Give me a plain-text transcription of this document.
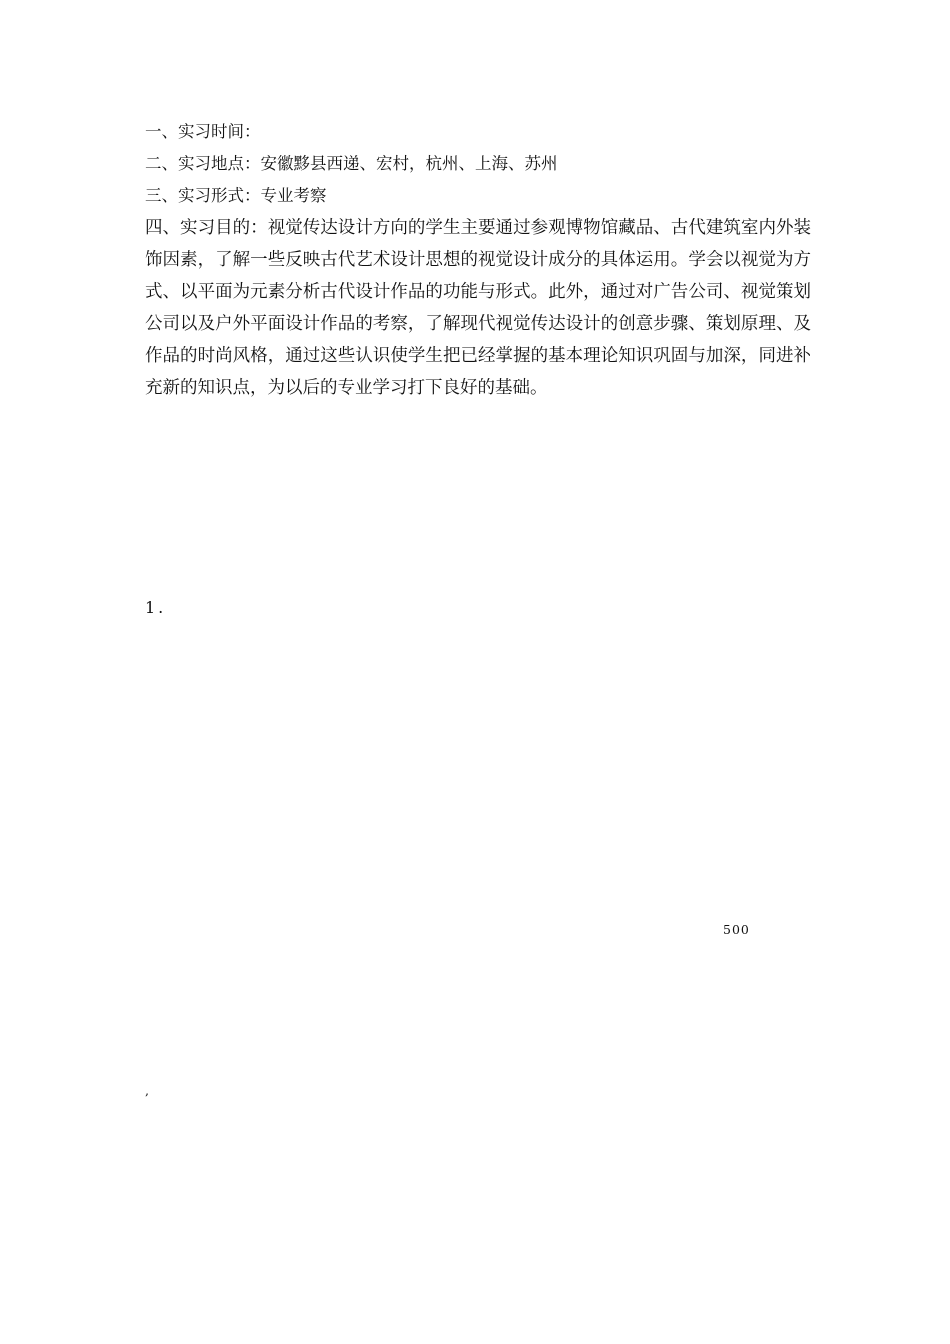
一、实习时间：
二、实习地点：安徽黟县西递、宏村，杭州、上海、苏州
三、实习形式：专业考察
四、实习目的：视觉传达设计方向的学生主要通过参观博物馆藏品、古代建筑室内外装饰因素，了解一些反映古代艺术设计思想的视觉设计成分的具体运用。学会以视觉为方式、以平面为元素分析古代设计作品的功能与形式。此外，通过对广告公司、视觉策划公司以及户外平面设计作品的考察，了解现代视觉传达设计的创意步骤、策划原理、及作品的时尚风格，通过这些认识使学生把已经掌握的基本理论知识巩固与加深，同进补充新的知识点，为以后的专业学习打下良好的基础。
1.
500
,
